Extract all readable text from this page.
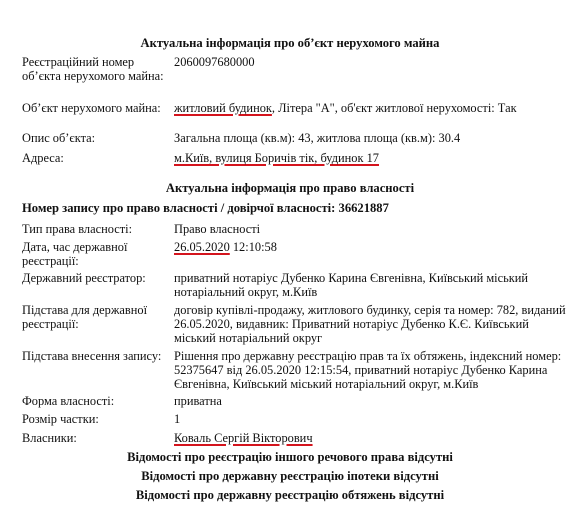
Актуальна інформація про об’єкт нерухомого майна
Реєстраційний номер об’єкта нерухомого майна:
2060097680000
Об’єкт нерухомого майна:	житловий будинок, Літера "А", об'єкт житлової нерухомості: Так
Опис об’єкта:	Загальна площа (кв.м): 43, житлова площа (кв.м): 30.4
Адреса:	м.Київ, вулиця Боричів тік, будинок 17
Актуальна інформація про право власності
Номер запису про право власності / довірчої власності: 36621887
Тип права власності:	Право власності
Дата, час державної реєстрації:
26.05.2020 12:10:58
Державний реєстратор:	приватний нотаріус Дубенко Карина Євгенівна, Київський міський нотаріальний округ, м.Київ
Підстава для державної реєстрації:
договір купівлі-продажу, житлового будинку, серія та номер: 782, виданий 26.05.2020, видавник: Приватний нотаріус Дубенко К.Є. Київський міський нотаріальний округ
Підстава внесення запису:	Рішення про державну реєстрацію прав та їх обтяжень, індексний номер: 52375647 від 26.05.2020 12:15:54, приватний нотаріус Дубенко Карина Євгенівна, Київський міський нотаріальний округ, м.Київ
Форма власності:	приватна
Розмір частки:	1
Власники:	Коваль Сергій Вікторович
Відомості про реєстрацію іншого речового права відсутні
Відомості про державну реєстрацію іпотеки відсутні
Відомості про державну реєстрацію обтяжень відсутні
